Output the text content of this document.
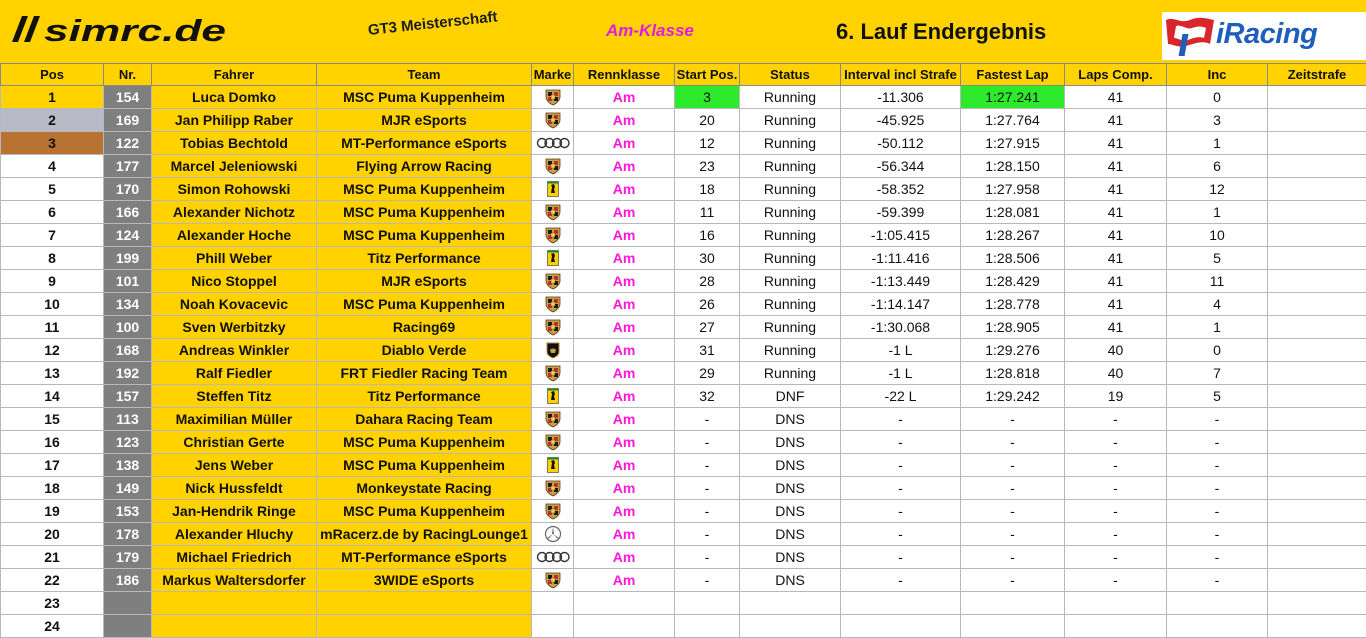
simrc.de	GT3 Meisterschaft	Am-Klasse	6. Lauf Endergebnis	iRacing
Pos	Nr.	Fahrer	Team	Marke	Rennklasse	Start Pos.	Status	Interval incl Strafe	Fastest Lap	Laps Comp.	Inc	Zeitstrafe
1	154	Luca Domko	MSC Puma Kuppenheim		Am	3	Running	-11.306	1:27.241	41	0	
2	169	Jan Philipp Raber	MJR eSports		Am	20	Running	-45.925	1:27.764	41	3	
3	122	Tobias Bechtold	MT-Performance eSports		Am	12	Running	-50.112	1:27.915	41	1	
4	177	Marcel Jeleniowski	Flying Arrow Racing		Am	23	Running	-56.344	1:28.150	41	6	
5	170	Simon Rohowski	MSC Puma Kuppenheim		Am	18	Running	-58.352	1:27.958	41	12	
6	166	Alexander Nichotz	MSC Puma Kuppenheim		Am	11	Running	-59.399	1:28.081	41	1	
7	124	Alexander Hoche	MSC Puma Kuppenheim		Am	16	Running	-1:05.415	1:28.267	41	10	
8	199	Phill Weber	Titz Performance		Am	30	Running	-1:11.416	1:28.506	41	5	
9	101	Nico Stoppel	MJR eSports		Am	28	Running	-1:13.449	1:28.429	41	11	
10	134	Noah Kovacevic	MSC Puma Kuppenheim		Am	26	Running	-1:14.147	1:28.778	41	4	
11	100	Sven Werbitzky	Racing69		Am	27	Running	-1:30.068	1:28.905	41	1	
12	168	Andreas Winkler	Diablo Verde		Am	31	Running	-1 L	1:29.276	40	0	
13	192	Ralf Fiedler	FRT Fiedler Racing Team		Am	29	Running	-1 L	1:28.818	40	7	
14	157	Steffen Titz	Titz Performance		Am	32	DNF	-22 L	1:29.242	19	5	
15	113	Maximilian Müller	Dahara Racing Team		Am	-	DNS	-	-	-	-	
16	123	Christian Gerte	MSC Puma Kuppenheim		Am	-	DNS	-	-	-	-	
17	138	Jens Weber	MSC Puma Kuppenheim		Am	-	DNS	-	-	-	-	
18	149	Nick Hussfeldt	Monkeystate Racing		Am	-	DNS	-	-	-	-	
19	153	Jan-Hendrik Ringe	MSC Puma Kuppenheim		Am	-	DNS	-	-	-	-	
20	178	Alexander Hluchy	mRacerz.de by RacingLounge1		Am	-	DNS	-	-	-	-	
21	179	Michael Friedrich	MT-Performance eSports		Am	-	DNS	-	-	-	-	
22	186	Markus Waltersdorfer	3WIDE eSports		Am	-	DNS	-	-	-	-	
23												
24												
